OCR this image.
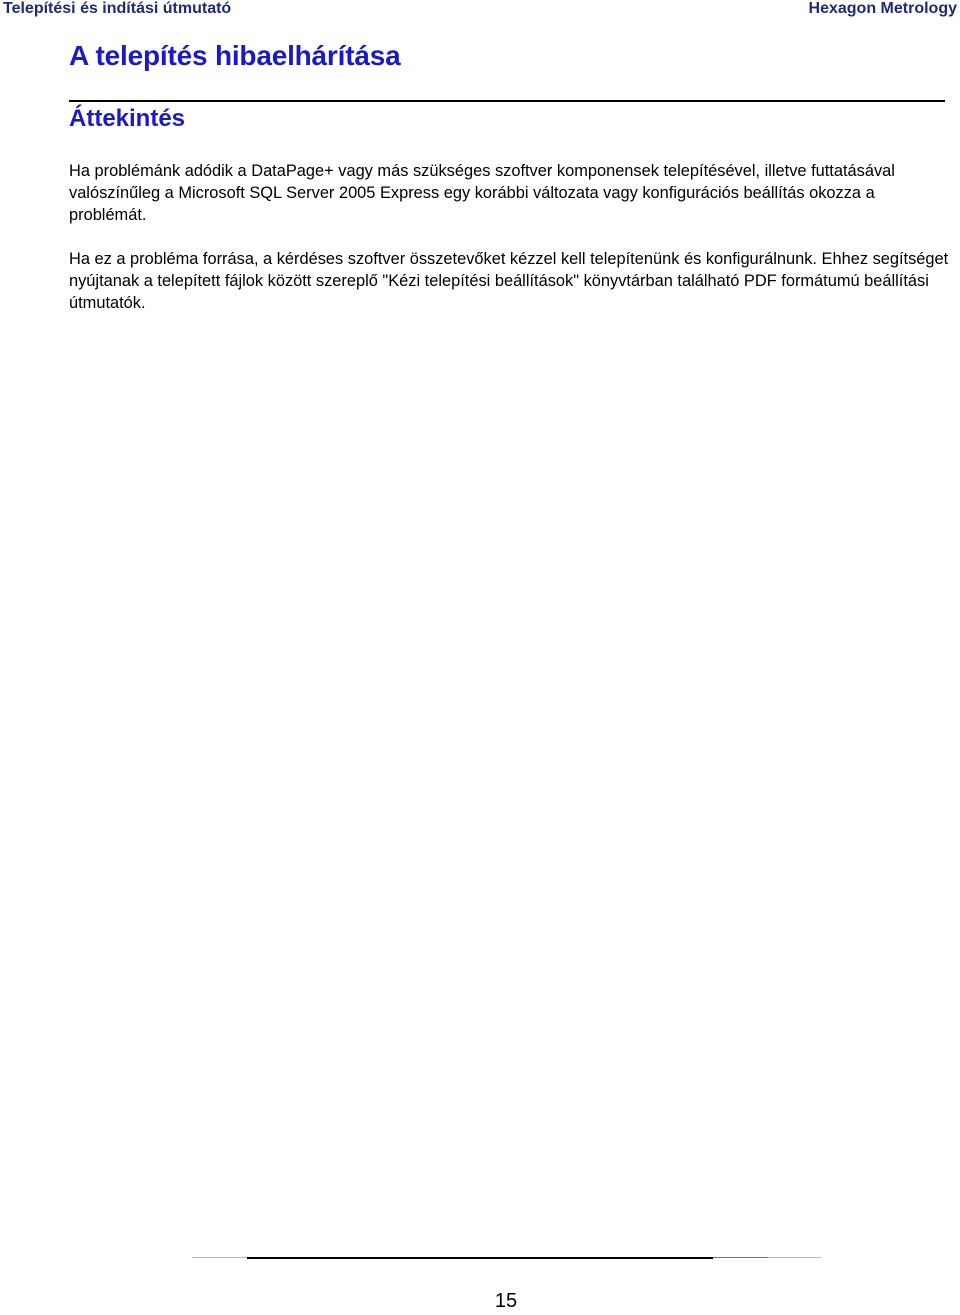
Telepítési és indítási útmutató	Hexagon Metrology
A telepítés hibaelhárítása
Áttekintés

Ha problémánk adódik a DataPage+ vagy más szükséges szoftver komponensek telepítésével, illetve futtatásával valószínűleg a Microsoft SQL Server 2005 Express egy korábbi változata vagy konfigurációs beállítás okozza a problémát.

Ha ez a probléma forrása, a kérdéses szoftver összetevőket kézzel kell telepítenünk és konfigurálnunk. Ehhez segítséget nyújtanak a telepített fájlok között szereplő "Kézi telepítési beállítások" könyvtárban található PDF formátumú beállítási útmutatók.

15
